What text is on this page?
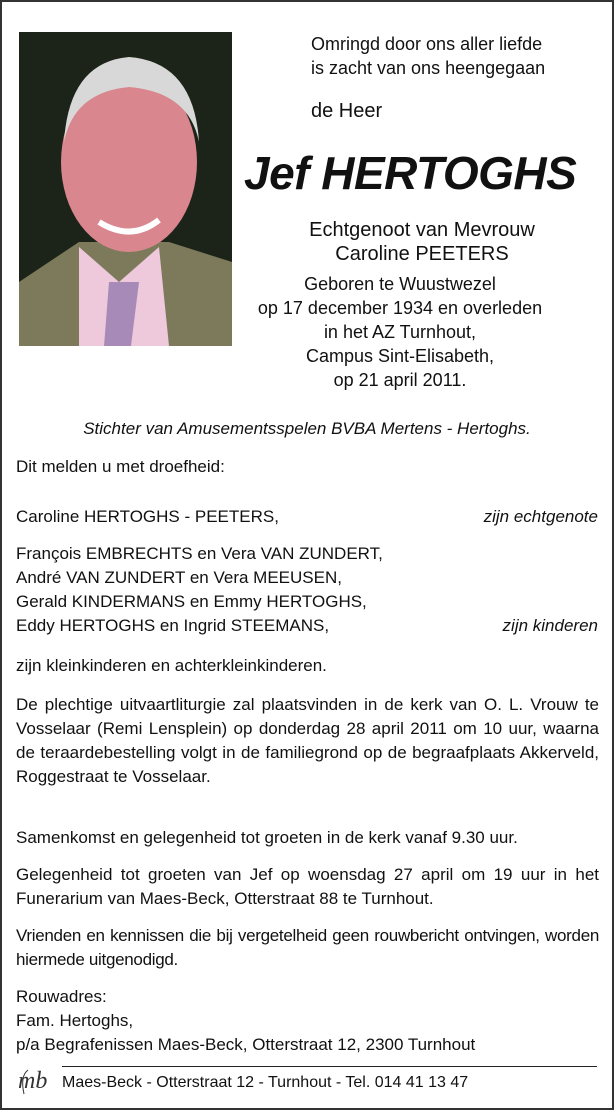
Omringd door ons aller liefde
is zacht van ons heengegaan
de Heer
Jef HERTOGHS
Echtgenoot van Mevrouw
Caroline PEETERS
Geboren te Wuustwezel
op 17 december 1934 en overleden
in het AZ Turnhout,
Campus Sint-Elisabeth,
op 21 april 2011.
Stichter van Amusementsspelen BVBA Mertens - Hertoghs.
Dit melden u met droefheid:
Caroline HERTOGHS - PEETERS,	zijn echtgenote
François EMBRECHTS en Vera VAN ZUNDERT,
André VAN ZUNDERT en Vera MEEUSEN,
Gerald KINDERMANS en Emmy HERTOGHS,
Eddy HERTOGHS en Ingrid STEEMANS,	zijn kinderen
zijn kleinkinderen en achterkleinkinderen.
De plechtige uitvaartliturgie zal plaatsvinden in de kerk van O. L. Vrouw te Vosselaar (Remi Lensplein) op donderdag 28 april 2011 om 10 uur, waarna de teraardebestelling volgt in de familiegrond op de begraafplaats Akkerveld, Roggestraat te Vosselaar.
Samenkomst en gelegenheid tot groeten in de kerk vanaf 9.30 uur.
Gelegenheid tot groeten van Jef op woensdag 27 april om 19 uur in het Funerarium van Maes-Beck, Otterstraat 88 te Turnhout.
Vrienden en kennissen die bij vergetelheid geen rouwbericht ontvingen, worden hiermede uitgenodigd.
Rouwadres:
Fam. Hertoghs,
p/a Begrafenissen Maes-Beck, Otterstraat 12, 2300 Turnhout
mb Maes-Beck - Otterstraat 12 - Turnhout - Tel. 014 41 13 47
